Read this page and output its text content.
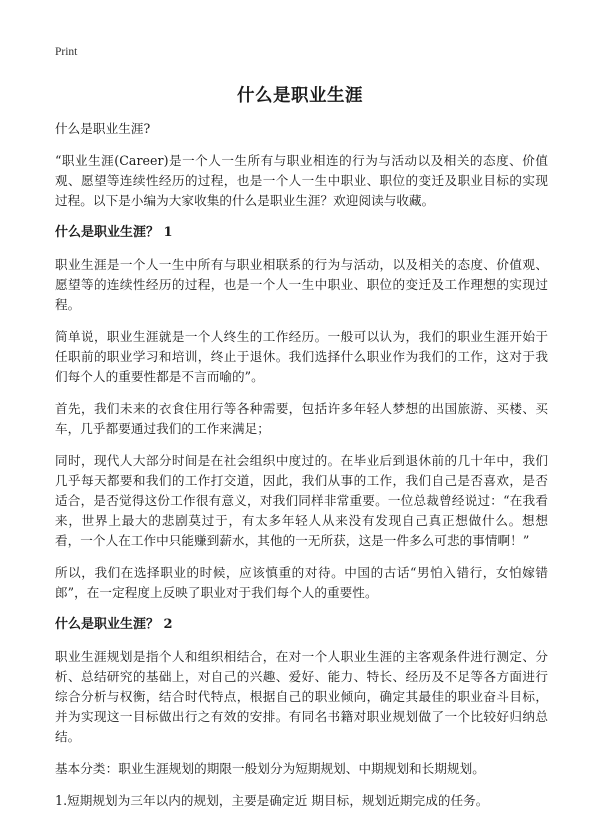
Print
什么是职业生涯
什么是职业生涯?
“职业生涯(Career)是一个人一生所有与职业相连的行为与活动以及相关的态度、价值观、愿望等连续性经历的过程，也是一个人一生中职业、职位的变迁及职业目标的实现过程。以下是小编为大家收集的什么是职业生涯？欢迎阅读与收藏。
什么是职业生涯？ 1
职业生涯是一个人一生中所有与职业相联系的行为与活动，以及相关的态度、价值观、愿望等的连续性经历的过程，也是一个人一生中职业、职位的变迁及工作理想的实现过程。
简单说，职业生涯就是一个人终生的工作经历。一般可以认为，我们的职业生涯开始于任职前的职业学习和培训，终止于退休。我们选择什么职业作为我们的工作，这对于我们每个人的重要性都是不言而喻的”。
首先，我们未来的衣食住用行等各种需要，包括许多年轻人梦想的出国旅游、买楼、买车，几乎都要通过我们的工作来满足；
同时，现代人大部分时间是在社会组织中度过的。在毕业后到退休前的几十年中，我们几乎每天都要和我们的工作打交道，因此，我们从事的工作，我们自己是否喜欢，是否适合，是否觉得这份工作很有意义，对我们同样非常重要。一位总裁曾经说过：“在我看来，世界上最大的悲剧莫过于，有太多年轻人从来没有发现自己真正想做什么。想想看，一个人在工作中只能赚到薪水，其他的一无所获，这是一件多么可悲的事情啊！”
所以，我们在选择职业的时候，应该慎重的对待。中国的古话“男怕入错行，女怕嫁错郎”，在一定程度上反映了职业对于我们每个人的重要性。
什么是职业生涯？ 2
职业生涯规划是指个人和组织相结合，在对一个人职业生涯的主客观条件进行测定、分析、总结研究的基础上，对自己的兴趣、爱好、能力、特长、经历及不足等各方面进行综合分析与权衡，结合时代特点，根据自己的职业倾向，确定其最佳的职业奋斗目标，并为实现这一目标做出行之有效的安排。有同名书籍对职业规划做了一个比较好归纳总结。
基本分类：职业生涯规划的期限一般划分为短期规划、中期规划和长期规划。
1.短期规划为三年以内的规划，主要是确定近 期目标，规划近期完成的任务。
